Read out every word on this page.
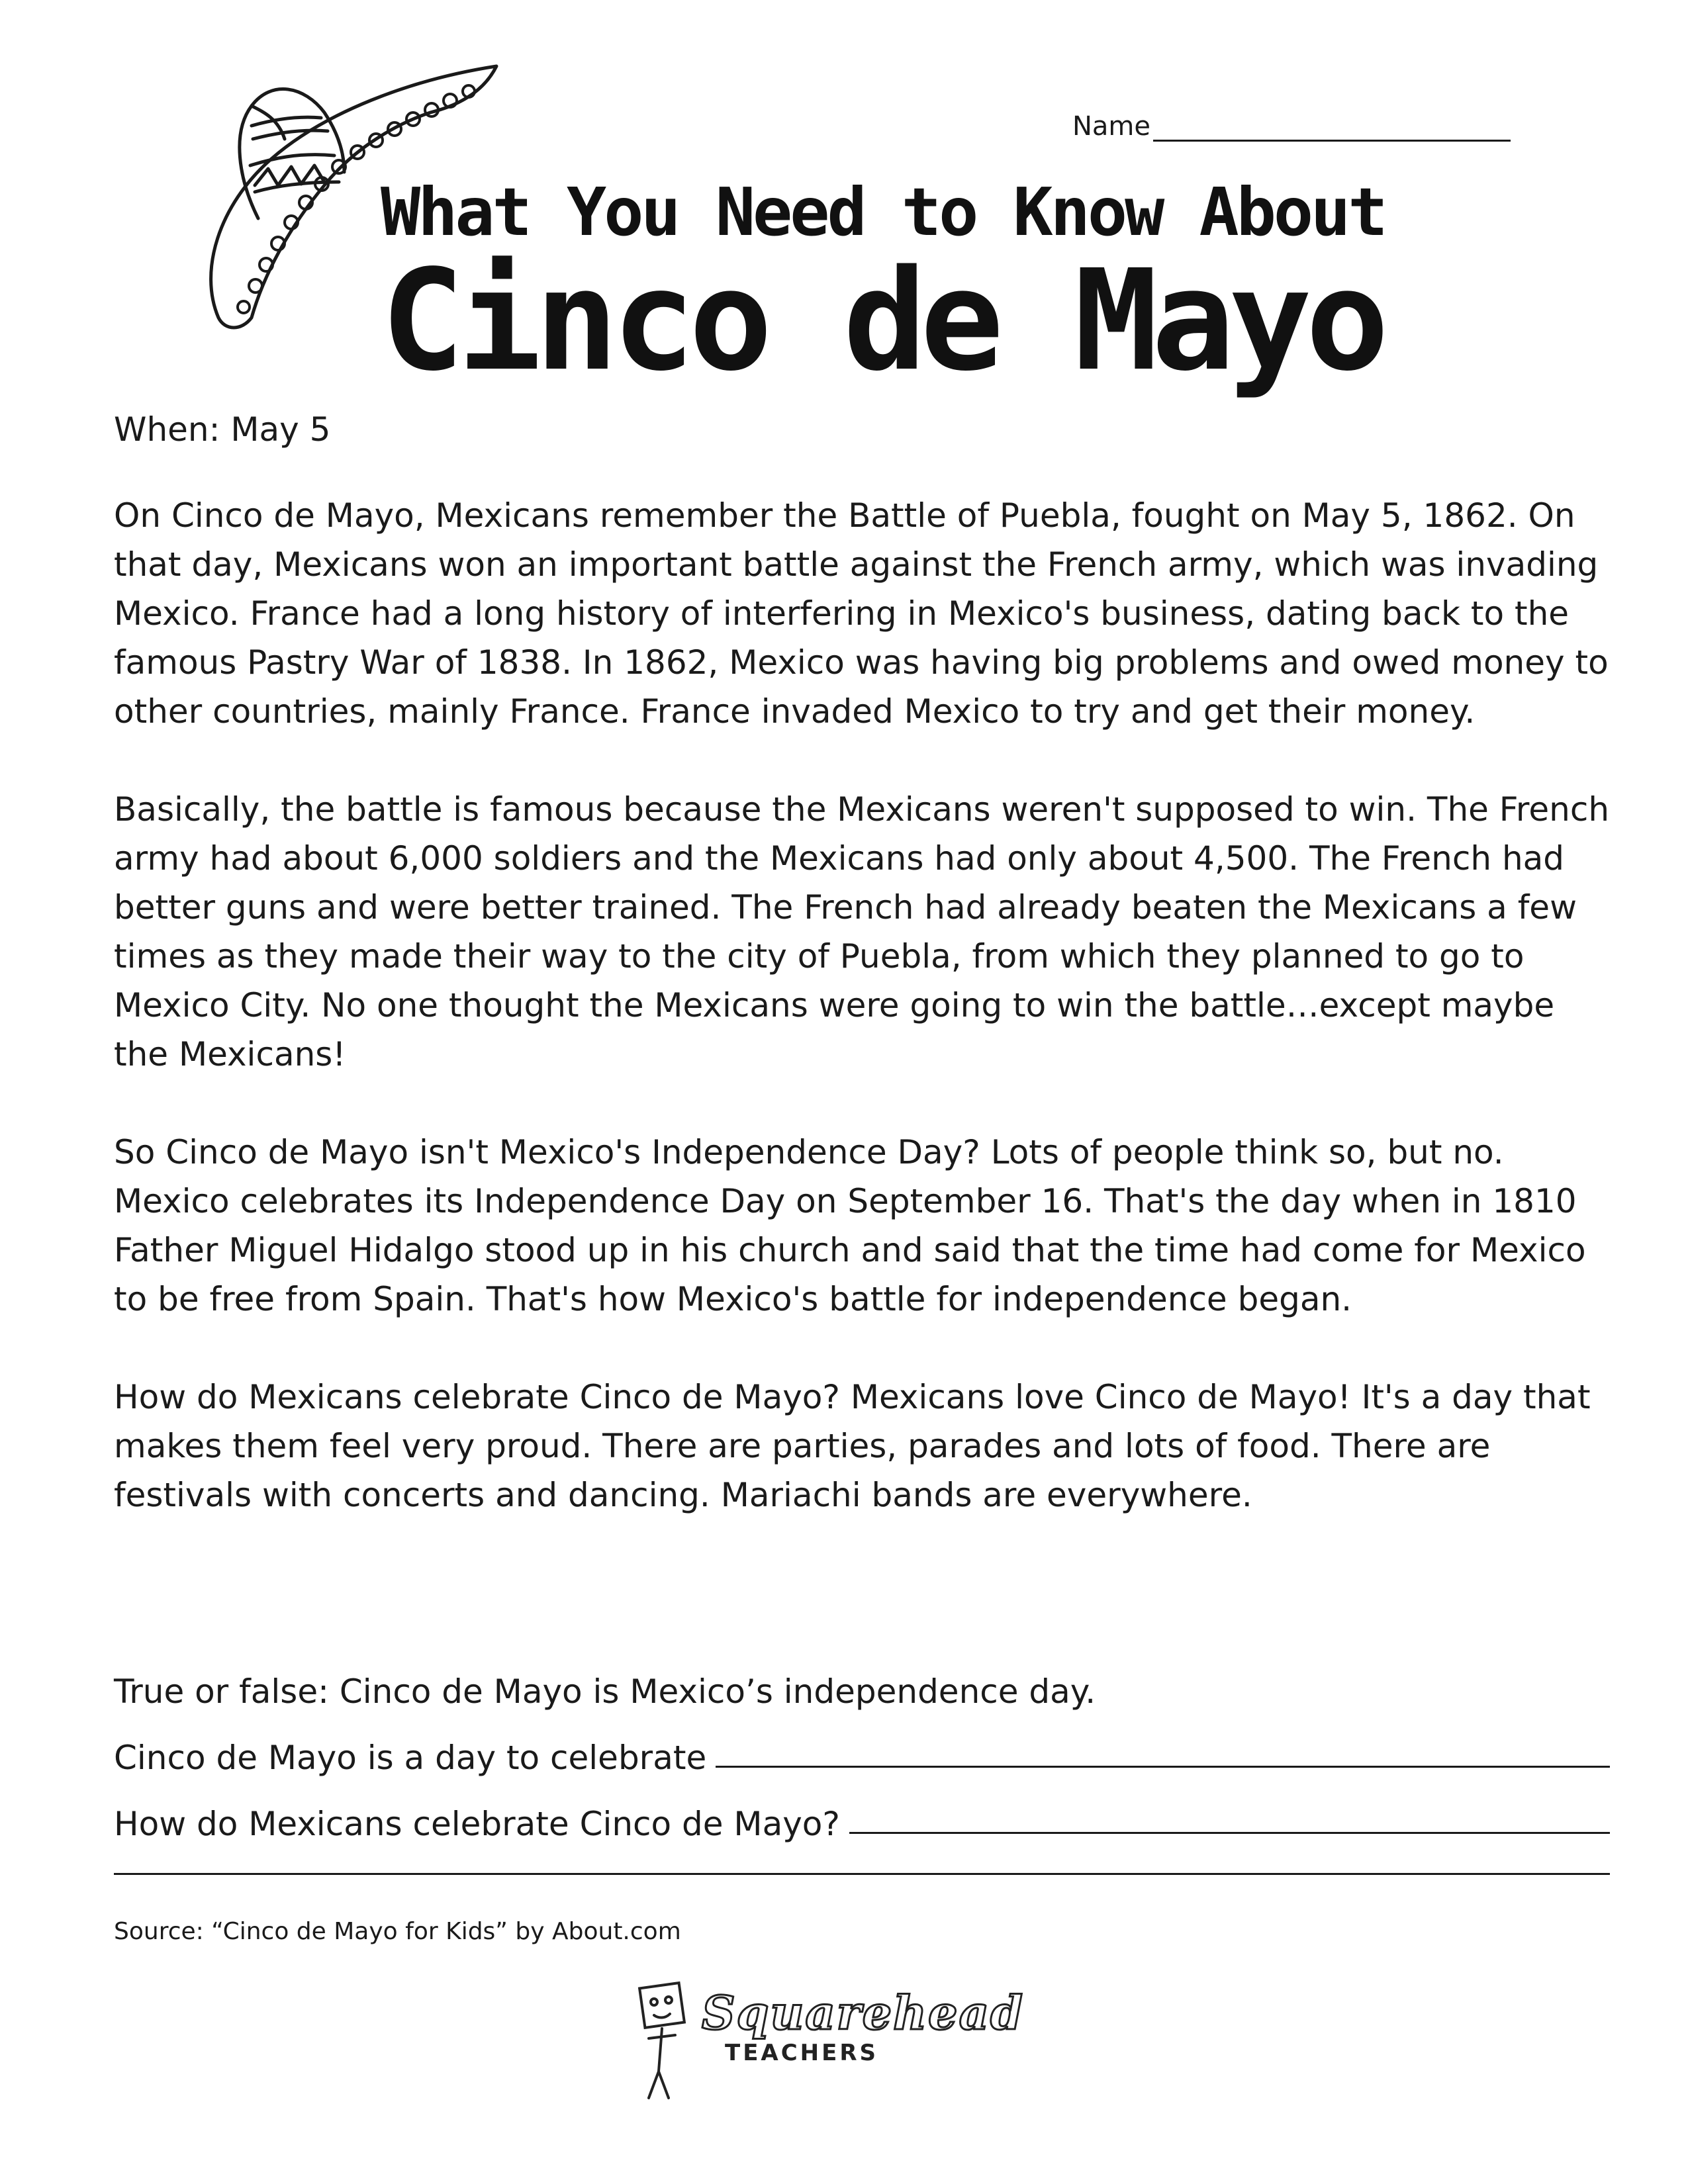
Name
What You Need to Know About
Cinco de Mayo

When: May 5

On Cinco de Mayo, Mexicans remember the Battle of Puebla, fought on May 5, 1862. On that day, Mexicans won an important battle against the French army, which was invading Mexico. France had a long history of interfering in Mexico's business, dating back to the famous Pastry War of 1838. In 1862, Mexico was having big problems and owed money to other countries, mainly France. France invaded Mexico to try and get their money.

Basically, the battle is famous because the Mexicans weren't supposed to win. The French army had about 6,000 soldiers and the Mexicans had only about 4,500. The French had better guns and were better trained. The French had already beaten the Mexicans a few times as they made their way to the city of Puebla, from which they planned to go to Mexico City. No one thought the Mexicans were going to win the battle…except maybe the Mexicans!

So Cinco de Mayo isn't Mexico's Independence Day? Lots of people think so, but no. Mexico celebrates its Independence Day on September 16. That's the day when in 1810 Father Miguel Hidalgo stood up in his church and said that the time had come for Mexico to be free from Spain. That's how Mexico's battle for independence began.

How do Mexicans celebrate Cinco de Mayo? Mexicans love Cinco de Mayo! It's a day that makes them feel very proud. There are parties, parades and lots of food. There are festivals with concerts and dancing. Mariachi bands are everywhere.

True or false: Cinco de Mayo is Mexico’s independence day.
Cinco de Mayo is a day to celebrate
How do Mexicans celebrate Cinco de Mayo?
Source: “Cinco de Mayo for Kids” by About.com
Squarehead
TEACHERS
